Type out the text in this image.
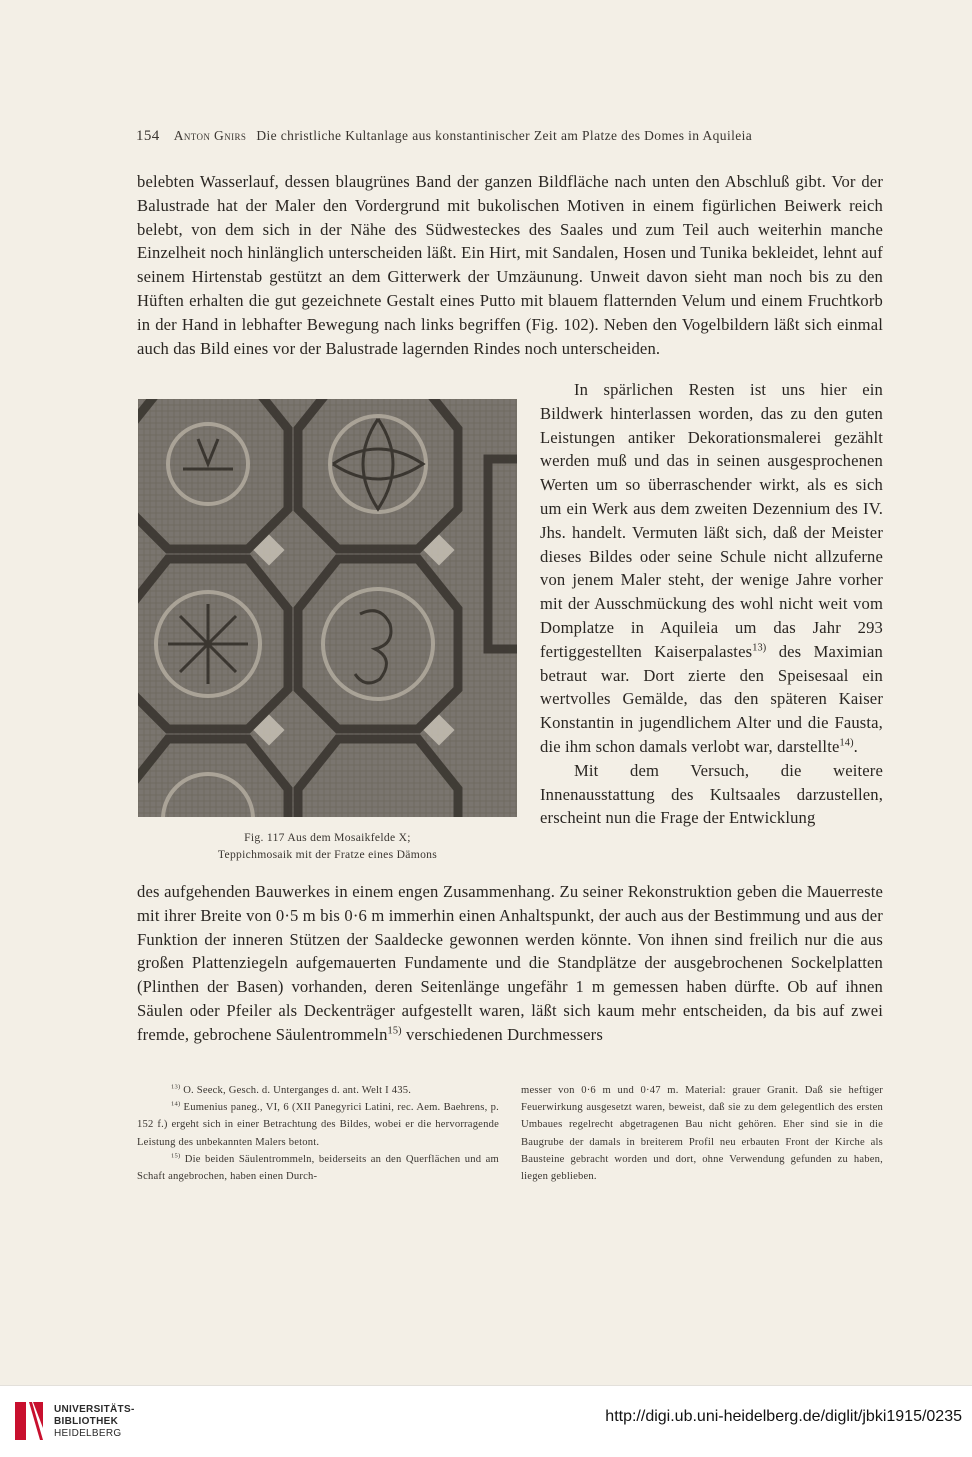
154 Anton Gnirs Die christliche Kultanlage aus konstantinischer Zeit am Platze des Domes in Aquileia

belebten Wasserlauf, dessen blaugrünes Band der ganzen Bildfläche nach unten den Abschluß gibt. Vor der Balustrade hat der Maler den Vordergrund mit bukolischen Motiven in einem figürlichen Beiwerk reich belebt, von dem sich in der Nähe des Südwesteckes des Saales und zum Teil auch weiterhin manche Einzelheit noch hinlänglich unterscheiden läßt. Ein Hirt, mit Sandalen, Hosen und Tunika bekleidet, lehnt auf seinem Hirtenstab gestützt an dem Gitterwerk der Umzäunung. Unweit davon sieht man noch bis zu den Hüften erhalten die gut gezeichnete Gestalt eines Putto mit blauem flatternden Velum und einem Fruchtkorb in der Hand in lebhafter Bewegung nach links begriffen (Fig. 102). Neben den Vogelbildern läßt sich einmal auch das Bild eines vor der Balustrade lagernden Rindes noch unterscheiden.

In spärlichen Resten ist uns hier ein Bildwerk hinterlassen worden, das zu den guten Leistungen antiker Dekorationsmalerei gezählt werden muß und das in seinen ausgesprochenen Werten um so überraschender wirkt, als es sich um ein Werk aus dem zweiten Dezennium des IV. Jhs. handelt. Vermuten läßt sich, daß der Meister dieses Bildes oder seine Schule nicht allzuferne von jenem Maler steht, der wenige Jahre vorher mit der Ausschmückung des wohl nicht weit vom Domplatze in Aquileia um das Jahr 293 fertiggestellten Kaiserpalastes$^{13)}$ des Maximian betraut war. Dort zierte den Speisesaal ein wertvolles Gemälde, das den späteren Kaiser Konstantin in jugendlichem Alter und die Fausta, die ihm schon damals verlobt war, darstellte$^{14)}$.

Mit dem Versuch, die weitere Innenausstattung des Kultsaales darzustellen, erscheint nun die Frage der Entwicklung

Fig. 117 Aus dem Mosaikfelde X;
Teppichmosaik mit der Fratze eines Dämons

des aufgehenden Bauwerkes in einem engen Zusammenhang. Zu seiner Rekonstruktion geben die Mauerreste mit ihrer Breite von 0·5 m bis 0·6 m immerhin einen Anhaltspunkt, der auch aus der Bestimmung und aus der Funktion der inneren Stützen der Saaldecke gewonnen werden könnte. Von ihnen sind freilich nur die aus großen Plattenziegeln aufgemauerten Fundamente und die Standplätze der ausgebrochenen Sockelplatten (Plinthen der Basen) vorhanden, deren Seitenlänge ungefähr 1 m gemessen haben dürfte. Ob auf ihnen Säulen oder Pfeiler als Deckenträger aufgestellt waren, läßt sich kaum mehr entscheiden, da bis auf zwei fremde, gebrochene Säulentrommeln$^{15)}$ verschiedenen Durchmessers

$^{13)}$ O. Seeck, Gesch. d. Unterganges d. ant. Welt I 435.

$^{14)}$ Eumenius paneg., VI, 6 (XII Panegyrici Latini, rec. Aem. Baehrens, p. 152 f.) ergeht sich in einer Betrachtung des Bildes, wobei er die hervorragende Leistung des unbekannten Malers betont.

$^{15)}$ Die beiden Säulentrommeln, beiderseits an den Querflächen und am Schaft angebrochen, haben einen Durch-

messer von 0·6 m und 0·47 m. Material: grauer Granit. Daß sie heftiger Feuerwirkung ausgesetzt waren, beweist, daß sie zu dem gelegentlich des ersten Umbaues regelrecht abgetragenen Bau nicht gehören. Eher sind sie in die Baugrube der damals in breiterem Profil neu erbauten Front der Kirche als Bausteine gebracht worden und dort, ohne Verwendung gefunden zu haben, liegen geblieben.

UNIVERSITÄTS-
BIBLIOTHEK
HEIDELBERG
http://digi.ub.uni-heidelberg.de/diglit/jbki1915/0235
